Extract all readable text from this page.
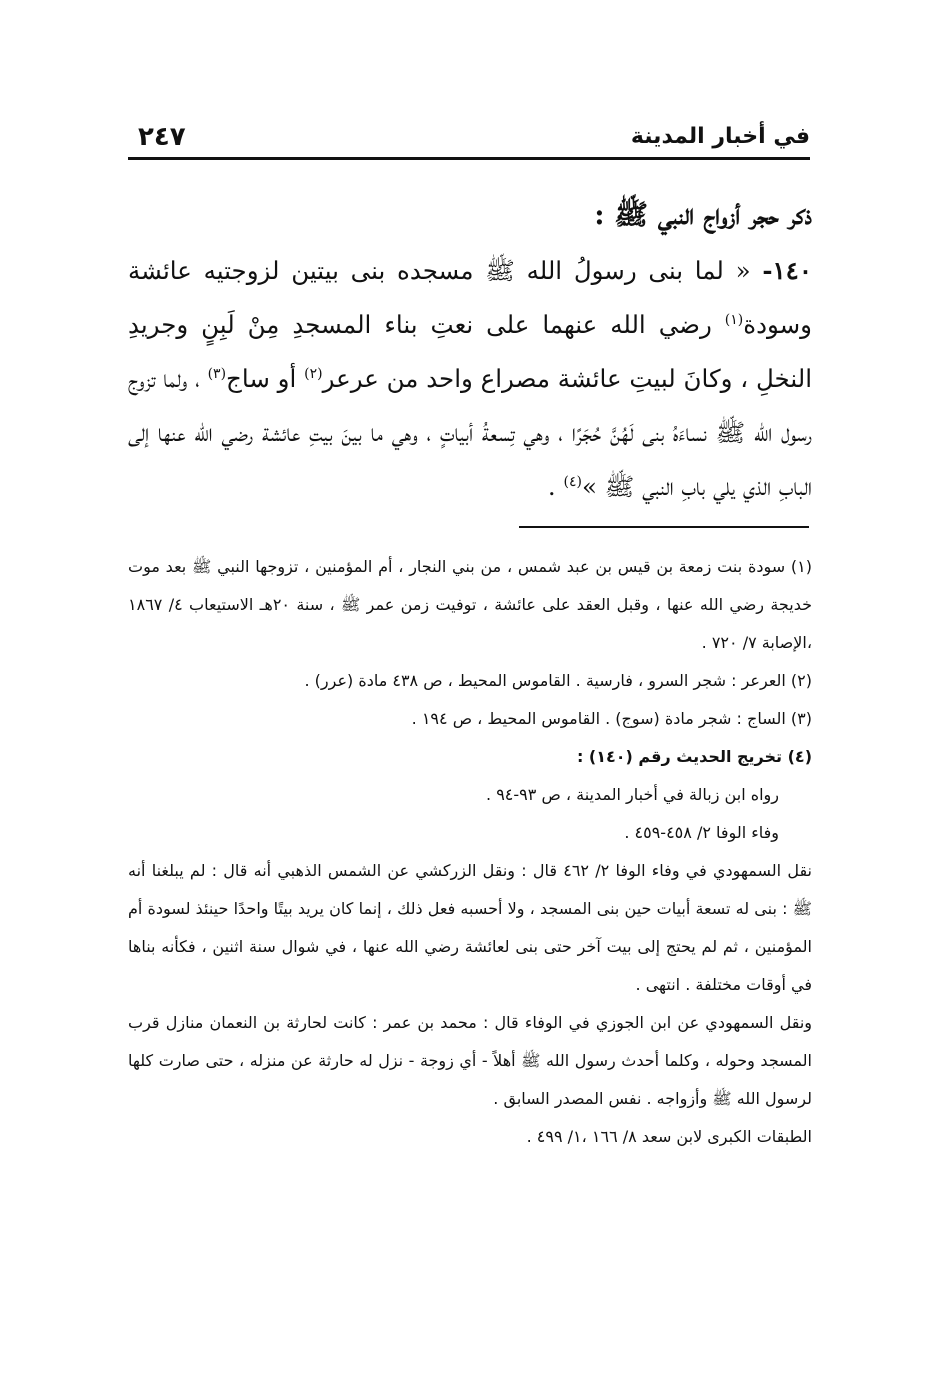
في أخبار المدينة
٢٤٧
ذكر حجر أزواج النبي ﷺ :

١٤٠- « لما بنى رسولُ الله ﷺ مسجده بنى بيتين لزوجتيه عائشة وسودة$^{(١)}$ رضي الله عنهما على نعتِ بناء المسجدِ مِنْ لَبِنٍ وجريدِ النخلِ ، وكانَ لبيتِ عائشة مصراع واحد من عرعر$^{(٢)}$ أو ساج$^{(٣)}$ ، ولما تزوج رسول الله ﷺ نساءَهُ بنى لَهُنَّ حُجَرًا ، وهي تِسعةُ أبياتٍ ، وهي ما بينَ بيتِ عائشة رضي الله عنها إلى البابِ الذي يلي بابِ النبي ﷺ »$^{(٤)}$ .

(١) سودة بنت زمعة بن قيس بن عبد شمس ، من بني النجار ، أم المؤمنين ، تزوجها النبي ﷺ بعد موت خديجة رضي الله عنها ، وقبل العقد على عائشة ، توفيت زمن عمر ﷺ ، سنة ٢٠هـ الاستيعاب ٤/ ١٨٦٧ ،الإصابة ٧/ ٧٢٠ .

(٢) العرعر : شجر السرو ، فارسية . القاموس المحيط ، ص ٤٣٨ مادة (عرر) .

(٣) الساج : شجر مادة (سوج) . القاموس المحيط ، ص ١٩٤ .

(٤) تخريج الحديث رقم (١٤٠) :

رواه ابن زبالة في أخبار المدينة ، ص ٩٣-٩٤ .

وفاء الوفا ٢/ ٤٥٨-٤٥٩ .

نقل السمهودي في وفاء الوفا ٢/ ٤٦٢ قال : ونقل الزركشي عن الشمس الذهبي أنه قال : لم يبلغنا أنه ﷺ : بنى له تسعة أبيات حين بنى المسجد ، ولا أحسبه فعل ذلك ، إنما كان يريد بيتًا واحدًا حينئذ لسودة أم المؤمنين ، ثم لم يحتج إلى بيت آخر حتى بنى لعائشة رضي الله عنها ، في شوال سنة اثنين ، فكأنه بناها في أوقات مختلفة . انتهى .

ونقل السمهودي عن ابن الجوزي في الوفاء قال : محمد بن عمر : كانت لحارثة بن النعمان منازل قرب المسجد وحوله ، وكلما أحدث رسول الله ﷺ أهلاً - أي زوجة - نزل له حارثة عن منزله ، حتى صارت كلها لرسول الله ﷺ وأزواجه . نفس المصدر السابق .

الطبقات الكبرى لابن سعد ٨/ ١٦٦ ،١/ ٤٩٩ .
